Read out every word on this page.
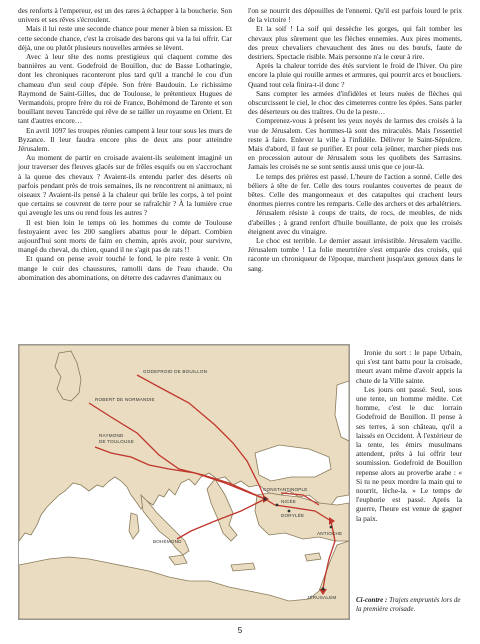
des renforts à l'empereur, est un des rares à échapper à la boucherie. Son univers et ses rêves s'écroulent.

Mais il lui reste une seconde chance pour mener à bien sa mission. Et cette seconde chance, c'est la croisade des barons qui va la lui offrir. Car déjà, une ou plutôt plusieurs nouvelles armées se lèvent.

Avec à leur tête des noms prestigieux qui claquent comme des bannières au vent. Godefroid de Bouillon, duc de Basse Lotharingie, dont les chroniques raconteront plus tard qu'il a tranché le cou d'un chameau d'un seul coup d'épée. Son frère Baudouin. Le richissime Raymond de Saint-Gilles, duc de Toulouse, le prétentieux Hugues de Vermandois, propre frère du roi de France, Bohémond de Tarente et son bouillant neveu Tancrède qui rêve de se tailler un royaume en Orient. Et tant d'autres encore…

En avril 1097 les troupes réunies campent à leur tour sous les murs de Byzance. Il leur faudra encore plus de deux ans pour atteindre Jérusalem.

Au moment de partir en croisade avaient-ils seulement imaginé un jour traverser des fleuves glacés sur de frêles esquifs ou en s'accrochant à la queue des chevaux ? Avaient-ils entendu parler des déserts où parfois pendant près de trois semaines, ils ne rencontrent ni animaux, ni oiseaux ? Avaient-ils pensé à la chaleur qui brûle les corps, à tel point que certains se couvrent de terre pour se rafraîchir ? À la lumière crue qui aveugle les uns ou rend fous les autres ?

Il est bien loin le temps où les hommes du comte de Toulouse festoyaient avec les 200 sangliers abattus pour le départ. Combien aujourd'hui sont morts de faim en chemin, après avoir, pour survivre, mangé du cheval, du chien, quand il ne s'agit pas de rats !!

Et quand on pense avoir touché le fond, le pire reste à venir. On mange le cuir des chaussures, ramolli dans de l'eau chaude. Ou abomination des abominations, on déterre des cadavres d'animaux ou

l'on se nourrit des dépouilles de l'ennemi. Qu'il est parfois lourd le prix de la victoire !

Et la soif ! La soif qui dessèche les gorges, qui fait tomber les chevaux plus sûrement que les flèches ennemies. Aux pires moments, des preux chevaliers chevauchent des ânes ou des bœufs, faute de destriers. Spectacle risible. Mais personne n'a le cœur à rire.

Après la chaleur torride des étés survient le froid de l'hiver. Ou pire encore la pluie qui rouille armes et armures, qui pourrit arcs et boucliers. Quand tout cela finira-t-il donc ?

Sans compter les armées d'infidèles et leurs nuées de flèches qui obscurcissent le ciel, le choc des cimeterres contre les épées. Sans parler des déserteurs ou des traîtres. Ou de la peste…

Comprenez-vous à présent les yeux noyés de larmes des croisés à la vue de Jérusalem. Ces hommes-là sont des miraculés. Mais l'essentiel reste à faire. Enlever la ville à l'infidèle. Délivrer le Saint-Sépulcre. Mais d'abord, il faut se purifier. Et pour cela jeûner, marcher pieds nus en procession autour de Jérusalem sous les quolibets des Sarrasins. Jamais les croisés ne se sont sentis aussi unis que ce jour-là.

Le temps des prières est passé. L'heure de l'action a sonné. Celle des béliers à tête de fer. Celle des tours roulantes couvertes de peaux de bêtes. Celle des mangonneaux et des catapultes qui crachent leurs énormes pierres contre les remparts. Celle des archers et des arbalétriers.

Jérusalem résiste à coups de traits, de rocs, de meubles, de nids d'abeilles ; à grand renfort d'huile bouillante, de poix que les croisés éteignent avec du vinaigre.

Le choc est terrible. Le dernier assaut irrésistible. Jérusalem vacille. Jérusalem tombe ! La folie meurtrière s'est emparée des croisés, qui raconte un chroniqueur de l'époque, marchent jusqu'aux genoux dans le sang.

GODEFROID DE BOUILLON
ROBERT DE NORMANDIE
RAYMOND
DE TOULOUSE
BOHÉMOND
CONSTANTINOPLE
NICÉE
DORYLÉE
ANTIOCHE
JÉRUSALEM

Ironie du sort : le pape Urbain, qui s'est tant battu pour la croisade, meurt avant même d'avoir appris la chute de la Ville sainte.

Les jours ont passé. Seul, sous une tente, un homme médite. Cet homme, c'est le duc lorrain Godefroid de Bouillon. Il pense à ses terres, à son château, qu'il a laissés en Occident. À l'extérieur de la tente, les émirs musulmans attendent, prêts à lui offrir leur soumission. Godefroid de Bouillon repense alors au proverbe arabe : « Si tu ne peux mordre la main qui te nourrit, lèche-la. » Le temps de l'euphorie est passé. Après la guerre, l'heure est venue de gagner la paix.

Ci-contre : Trajets empruntés lors de la première croisade.
5
